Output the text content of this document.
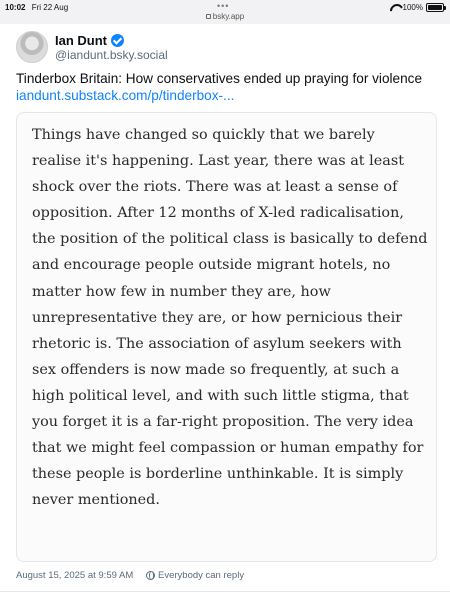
10:02 Fri 22 Aug	•••
bsky.app
100%
Ian Dunt
@iandunt.bsky.social
Tinderbox Britain: How conservatives ended up praying for violence iandunt.substack.com/p/tinderbox-...
Things have changed so quickly that we barely realise it's happening. Last year, there was at least shock over the riots. There was at least a sense of opposition. After 12 months of X-led radicalisation, the position of the political class is basically to defend and encourage people outside migrant hotels, no matter how few in number they are, how unrepresentative they are, or how pernicious their rhetoric is. The association of asylum seekers with sex offenders is now made so frequently, at such a high political level, and with such little stigma, that you forget it is a far-right proposition. The very idea that we might feel compassion or human empathy for these people is borderline unthinkable. It is simply never mentioned.
August 15, 2025 at 9:59 AM	Everybody can reply
